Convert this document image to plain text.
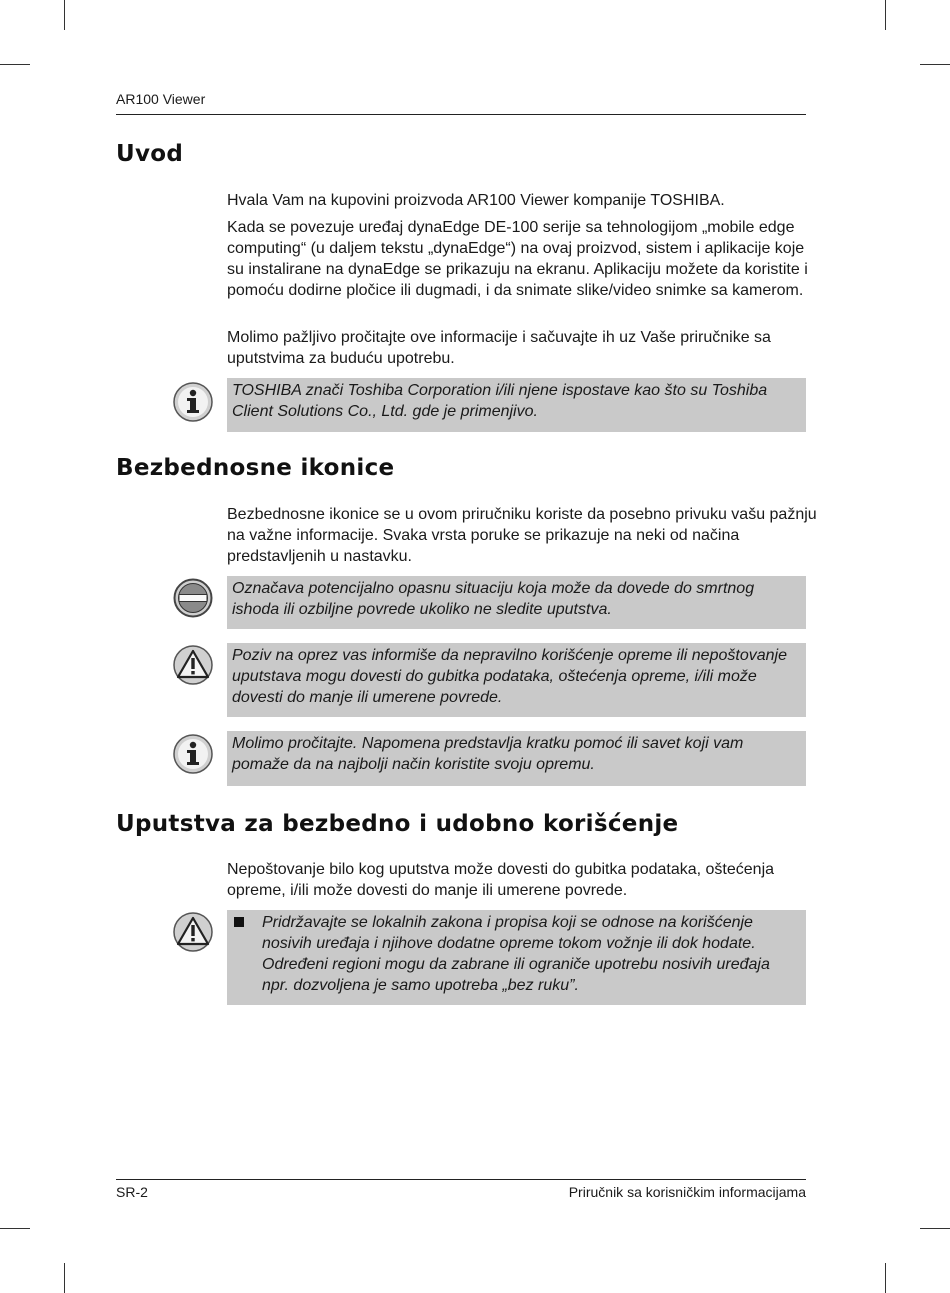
AR100 Viewer
Uvod
Hvala Vam na kupovini proizvoda AR100 Viewer kompanije TOSHIBA.
Kada se povezuje uređaj dynaEdge DE-100 serije sa tehnologijom „mobile edge computing“ (u daljem tekstu „dynaEdge“) na ovaj proizvod, sistem i aplikacije koje su instalirane na dynaEdge se prikazuju na ekranu. Aplikaciju možete da koristite i pomoću dodirne pločice ili dugmadi, i da snimate slike/video snimke sa kamerom.
Molimo pažljivo pročitajte ove informacije i sačuvajte ih uz Vaše priručnike sa uputstvima za buduću upotrebu.
TOSHIBA znači Toshiba Corporation i/ili njene ispostave kao što su Toshiba Client Solutions Co., Ltd. gde je primenjivo.
Bezbednosne ikonice
Bezbednosne ikonice se u ovom priručniku koriste da posebno privuku vašu pažnju na važne informacije. Svaka vrsta poruke se prikazuje na neki od načina predstavljenih u nastavku.
Označava potencijalno opasnu situaciju koja može da dovede do smrtnog ishoda ili ozbiljne povrede ukoliko ne sledite uputstva.
Poziv na oprez vas informiše da nepravilno korišćenje opreme ili nepoštovanje uputstava mogu dovesti do gubitka podataka, oštećenja opreme, i/ili može dovesti do manje ili umerene povrede.
Molimo pročitajte. Napomena predstavlja kratku pomoć ili savet koji vam pomaže da na najbolji način koristite svoju opremu.
Uputstva za bezbedno i udobno korišćenje
Nepoštovanje bilo kog uputstva može dovesti do gubitka podataka, oštećenja opreme, i/ili može dovesti do manje ili umerene povrede.
Pridržavajte se lokalnih zakona i propisa koji se odnose na korišćenje nosivih uređaja i njihove dodatne opreme tokom vožnje ili dok hodate. Određeni regioni mogu da zabrane ili ograniče upotrebu nosivih uređaja npr. dozvoljena je samo upotreba „bez ruku”.
SR-2	Priručnik sa korisničkim informacijama
